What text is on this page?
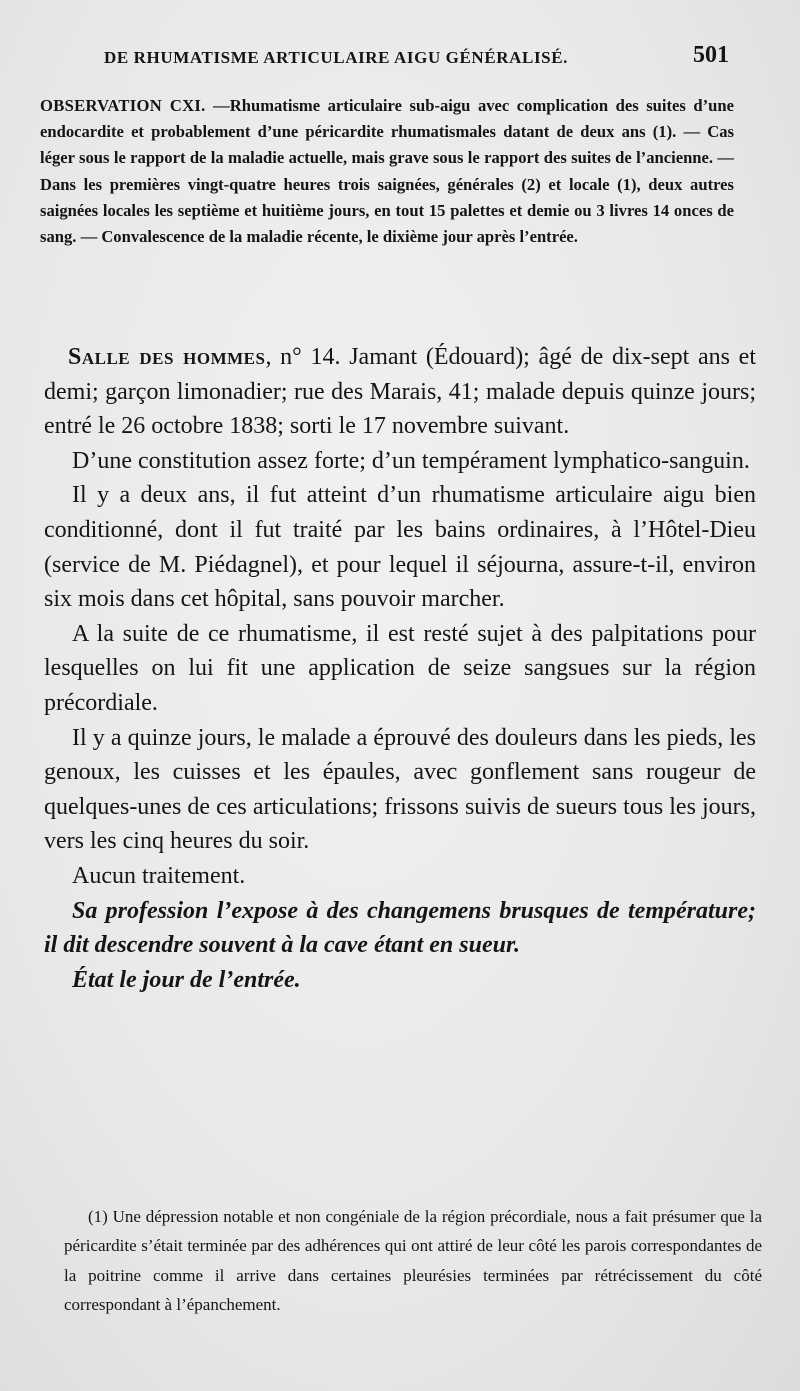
DE RHUMATISME ARTICULAIRE AIGU GÉNÉRALISÉ.	501
OBSERVATION CXI. —Rhumatisme articulaire sub-aigu avec complication des suites d’une endocardite et probablement d’une péricardite rhumatismales datant de deux ans (1). — Cas léger sous le rapport de la maladie actuelle, mais grave sous le rapport des suites de l’ancienne. — Dans les premières vingt-quatre heures trois saignées, générales (2) et locale (1), deux autres saignées locales les septième et huitième jours, en tout 15 palettes et demie ou 3 livres 14 onces de sang. — Convalescence de la maladie récente, le dixième jour après l’entrée.

Salle des hommes, n° 14. Jamant (Édouard); âgé de dix-sept ans et demi; garçon limonadier; rue des Marais, 41; malade depuis quinze jours; entré le 26 octobre 1838; sorti le 17 novembre suivant.

D’une constitution assez forte; d’un tempérament lymphatico-sanguin.

Il y a deux ans, il fut atteint d’un rhumatisme articulaire aigu bien conditionné, dont il fut traité par les bains ordinaires, à l’Hôtel-Dieu (service de M. Piédagnel), et pour lequel il séjourna, assure-t-il, environ six mois dans cet hôpital, sans pouvoir marcher.

A la suite de ce rhumatisme, il est resté sujet à des palpitations pour lesquelles on lui fit une application de seize sangsues sur la région précordiale.

Il y a quinze jours, le malade a éprouvé des douleurs dans les pieds, les genoux, les cuisses et les épaules, avec gonflement sans rougeur de quelques-unes de ces articulations; frissons suivis de sueurs tous les jours, vers les cinq heures du soir.

Aucun traitement.

Sa profession l’expose à des changemens brusques de température; il dit descendre souvent à la cave étant en sueur.

État le jour de l’entrée.

(1) Une dépression notable et non congéniale de la région précordiale, nous a fait présumer que la péricardite s’était terminée par des adhérences qui ont attiré de leur côté les parois correspondantes de la poitrine comme il arrive dans certaines pleurésies terminées par rétrécissement du côté correspondant à l’épanchement.
